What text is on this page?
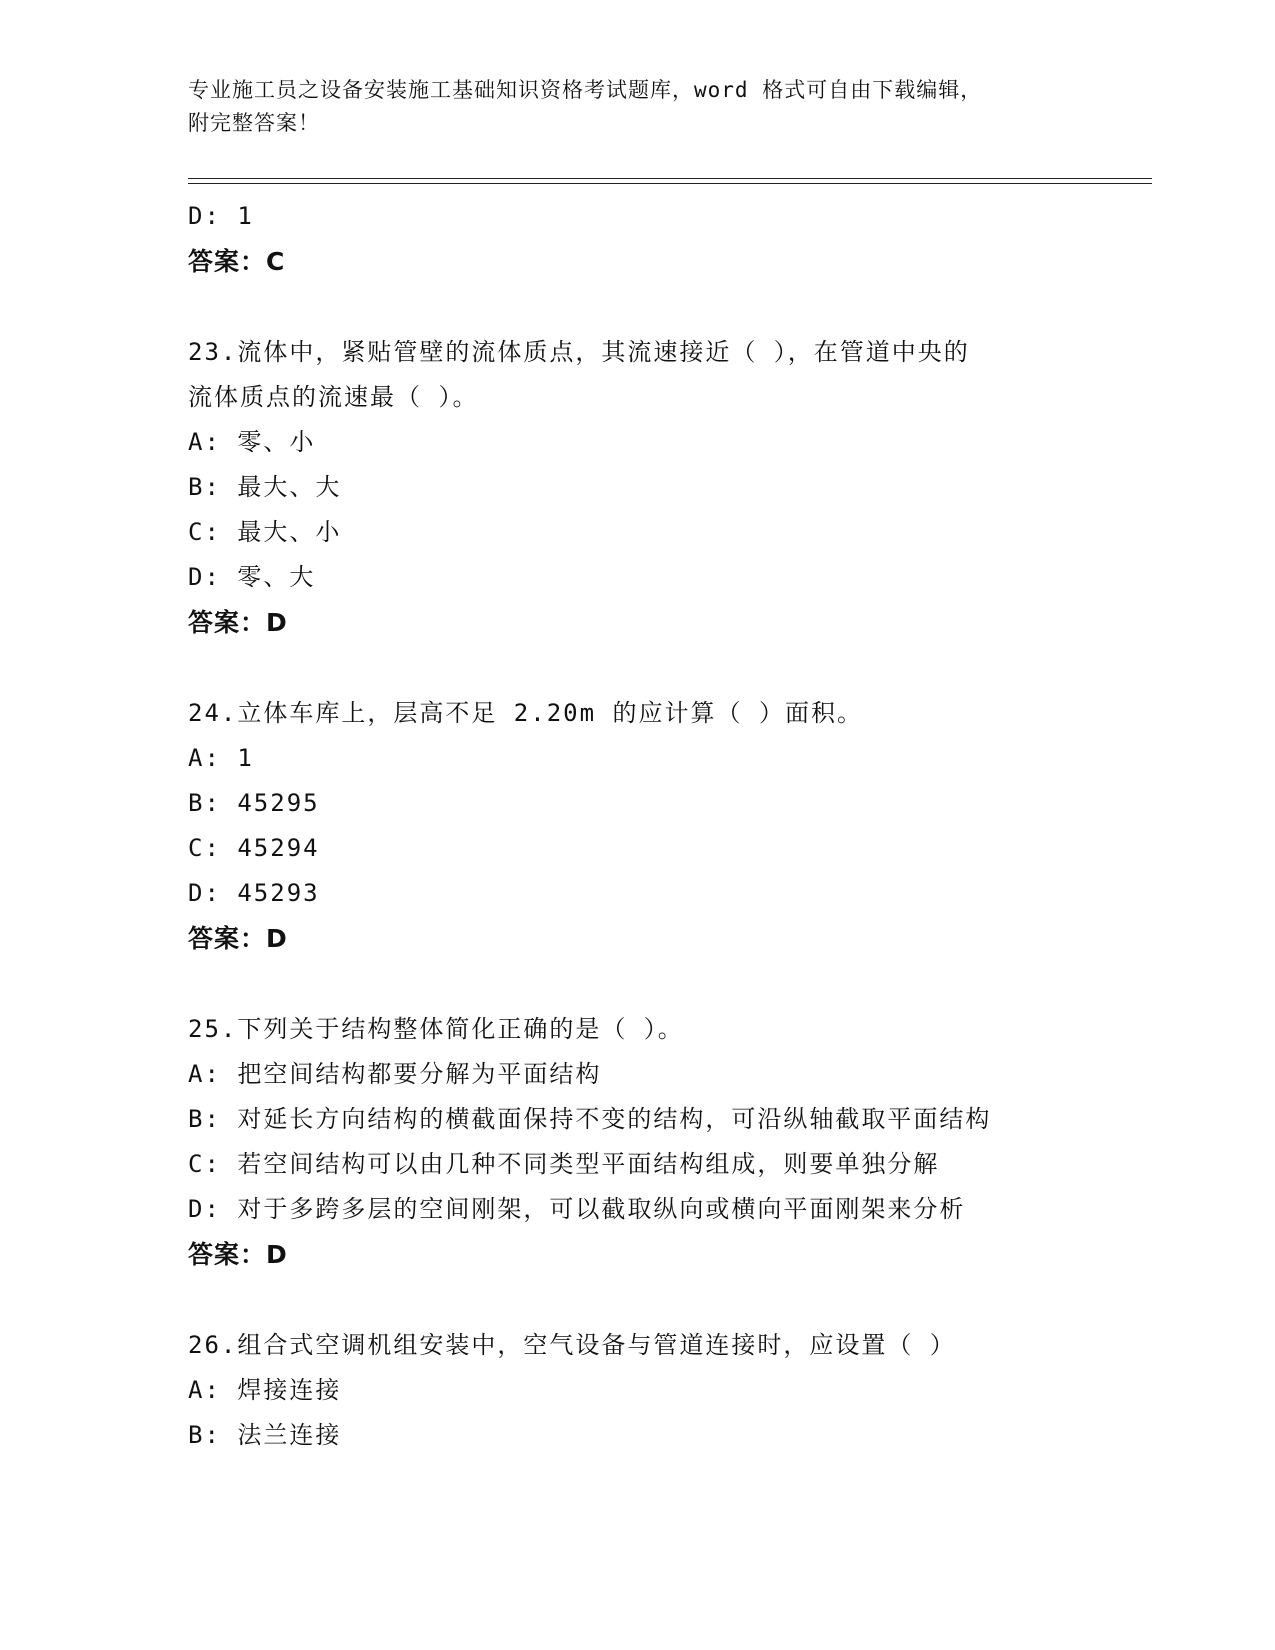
专业施工员之设备安装施工基础知识资格考试题库，word 格式可自由下载编辑，
附完整答案！
D: 1
答案：C
23.流体中，紧贴管壁的流体质点，其流速接近（ ），在管道中央的
流体质点的流速最（ ）。
A: 零、小
B: 最大、大
C: 最大、小
D: 零、大
答案：D
24.立体车库上，层高不足 2.20m 的应计算（ ）面积。
A: 1
B: 45295
C: 45294
D: 45293
答案：D
25.下列关于结构整体简化正确的是（ ）。
A: 把空间结构都要分解为平面结构
B: 对延长方向结构的横截面保持不变的结构，可沿纵轴截取平面结构
C: 若空间结构可以由几种不同类型平面结构组成，则要单独分解
D: 对于多跨多层的空间刚架，可以截取纵向或横向平面刚架来分析
答案：D
26.组合式空调机组安装中，空气设备与管道连接时，应设置（ ）
A: 焊接连接
B: 法兰连接
